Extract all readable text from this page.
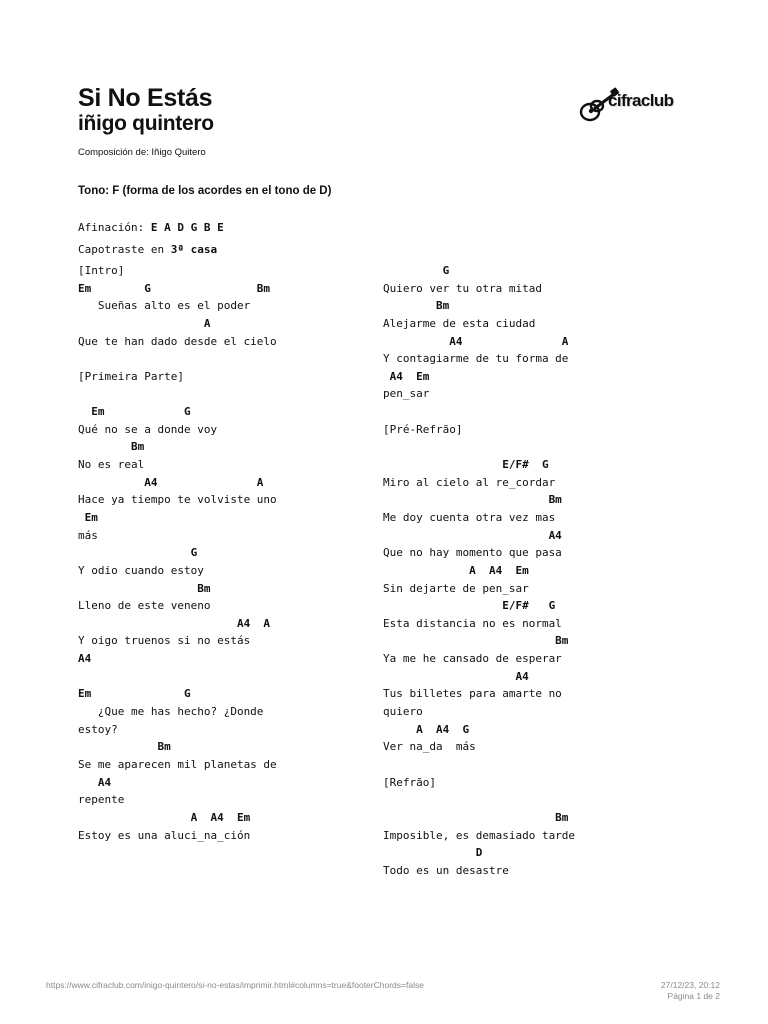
Si No Estás
iñigo quintero
Composición de: Iñigo Quitero
cifraclub
Tono: F (forma de los acordes en el tono de D)
Afinación: E A D G B E
Capotraste en 3ª casa
[Intro]
Em        G                Bm
Sueñas alto es el poder
A
Que te han dado desde el cielo
[Primeira Parte]
Em            G
Qué no se a donde voy
Bm
No es real
A4               A
Hace ya tiempo te volviste uno
Em
más
G
Y odio cuando estoy
Bm
Lleno de este veneno
A4  A
Y oigo truenos si no estás
A4
Em              G
¿Que me has hecho? ¿Donde
estoy?
Bm
Se me aparecen mil planetas de
A4
repente
A  A4  Em
Estoy es una aluci_na_ción
G
Quiero ver tu otra mitad
Bm
Alejarme de esta ciudad
A4               A
Y contagiarme de tu forma de
A4  Em
pen_sar
[Pré-Refrão]
E/F#  G
Miro al cielo al re_cordar
Bm
Me doy cuenta otra vez mas
A4
Que no hay momento que pasa
A  A4  Em
Sin dejarte de pen_sar
E/F#   G
Esta distancia no es normal
Bm
Ya me he cansado de esperar
A4
Tus billetes para amarte no
quiero
A  A4  G
Ver na_da  más
[Refrão]
Bm
Imposible, es demasiado tarde
D
Todo es un desastre
https://www.cifraclub.com/inigo-quintero/si-no-estas/imprimir.html#columns=true&footerChords=false	27/12/23, 20:12
Página 1 de 2
